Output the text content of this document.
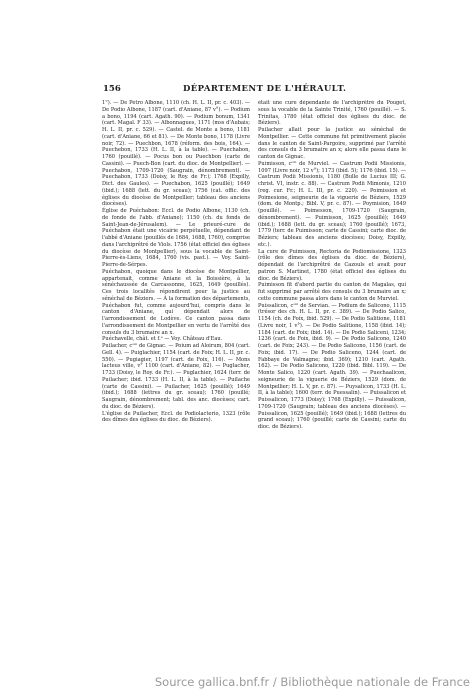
156	DÉPARTEMENT DE L'HÉRAULT.

1°). — De Petro Albone, 1110 (ch. H. L. II, pr. c. 403). — De Podio Albone, 1187 (cart. d'Aniane, 87 v°). — Podium a bono, 1194 (cart. Agath. 90). — Podium bonum, 1341 (cart. Magal. F 33). — Albonnagues, 1171 (mss d'Aubais; H. L. II, pr. c. 529). — Castel. de Monte a bono, 1181 (cart. d'Aniane, 66 et 81). — De Monte bono, 1178 (Livre noir, 72). — Puechbon, 1678 (réform. des bois, 164). — Puechebon, 1733 (H. L. II, à la table). — Puechabon, 1760 (pouillé). — Pocus bon ou Puechbon (carte de Cassini). — Puech-Bon (cart. du dioc. de Montpellier). — Puechabon, 1709-1720 (Saugrain, dénombrement). — Puechabon, 1733 (Doisy, le Roy. de Fr.); 1768 (Expilly, Dict. des Gaules). — Puechabon, 1625 (pouillé); 1649 (ibid.); 1688 (lett. du gr. sceau); 1756 (cat. offic. des églises du diocèse de Montpellier; tableau des anciens diocèses).

Église de Puéchabon: Eccl. de Podio Albone, 1130 (ch. de fonde de l'abb. d'Aniane); 1150 (ch. du fonds de Saint-Jean-de-Jérusalem). — Le prieuré-cure de Puéchabon était une vicairie perpétuelle, dépendant de l'abbé d'Aniane (pouillés de 1684, 1688, 1760), comprise dans l'archiprêtré de Viols. 1756 (état officiel des églises du diocèse de Montpellier), sous la vocable de Saint-Pierre-ès-Liens, 1684, 1760 (vis. past.). — Voy. Saint-Pierre-de-Sérpes.

Puéchabon, quoique dans le diocèse de Montpellier, appartenait, comme Aniane et la Boissière, à la sénéchaussée de Carcassonne, 1625, 1649 (pouillés). Ces trois localités répondirent pour la justice au sénéchal de Béziers. — À la formation des départements, Puéchabon fut, comme aujourd'hui, compris dans le canton d'Aniane, qui dépendait alors de l'arrondissement de Lodève. Ce canton passa dans l'arrondissement de Montpellier en vertu de l'arrêté des consuls du 3 brumaire an x.

Puéchavelle, chât. et f.ᵉ — Voy. Château d'Eau.

Puilacher, cᵒᵐ de Gignac. — Poium ad Aloirum, 804 (cart. Gell. 4). — Puiglachier, 1154 (cart. de Foix; H. L. II, pr. c. 550). — Pugiagier, 1197 (cart. de Foix, 116). — Mons lacteus ville, v° 1100 (cart. d'Aniane, 82). — Puglacher, 1733 (Doisy, le Roy. de Fr.). — Puglachier, 1624 (terr. de Puilacher; ibid. 1733 (H. L. II, à la table). — Puilache (carte de Cassini). — Puilacher, 1625 (pouillé); 1649 (ibid.); 1688 (lettres du gr. sceau); 1760 (pouillé; Saugrain, dénombrement; tabl. des anc. diocèses; cart. du dioc. de Béziers).

L'église de Puilacher, Eccl. de Podiolacterio, 1323 (rôle des dîmes des églises du dioc. de Béziers).

était une cure dépendante de l'archiprêtré du Pouget, sous la vocable de la Sainte Trinité, 1760 (pouillé). — S. Trinitas, 1780 (état officiel des églises du dioc. de Béziers).

Puilacher allait pour la justice au sénéchal de Montpellier. — Cette commune fut primitivement placée dans le canton de Saint-Pargoire, supprimé par l'arrêté des consuls du 3 brumaire an x; alors elle passa dans le canton de Gignac.

Puimisson, cᵒᵐ de Murviel. — Castrum Podii Missionis, 1097 (Livre noir, 12 v°); 1173 (ibid. 5); 1176 (ibid. 15). — Castrum Podii Missionis, 1180 (Bulle de Lucius III; G. christ. VI, instr. c. 88). — Castrum Podii Mimonis, 1210 (reg. cur. Fr.; H. L. III, pr. c. 220). — Poimission et Poimesione, seigneurie de la viguerie de Béziers, 1529 (dom. de Montp.; Bibl. V, pr. c. 87). — Poymision, 1649 (pouillé). — Poimesson, 1709-1720 (Saugrain, dénombrement). — Puimisson, 1625 (pouillé); 1649 (ibid.); 1688 (lett. du gr. sceau); 1760 (pouillé); 1673, 1779 (terr. de Puimisson; carte de Cassini; carte dioc. de Béziers; tableau des anciens diocèses; Doisy, Expilly, etc.).

La cure de Puimisson, Rectoria de Podiomissione, 1323 (rôle des dîmes des églises du dioc. de Béziers), dépendait de l'archiprêtré de Cazouls et avait pour patron S. Martinet, 1780 (état officiel des églises du dioc. de Béziers).

Puimisson fit d'abord partie du canton de Magalas, qui fut supprimé par arrêté des consuls du 3 brumaire an x; cette commune passa alors dans le canton de Murviel.

Puissalicon, cᵒᵐ de Servian. — Podium de Salicono, 1115 (trésor des ch. H. L. II, pr. c. 389). — De Podio Salico, 1154 (ch. de Foix, ibid. 529). — De Podio Salitione, 1181 (Livre noir, 1 v°). — De Podio Salitione, 1158 (ibid. 14); 1184 (cart. de Foix; ibid. 14). — De Podio Saliceni, 1234; 1236 (cart. de Foix, ibid. 9). — De Podio Salicono, 1240 (cart. de Foix; 243). — De Podio Salicono, 1156 (cart. de Foix; ibid. 17). — De Podio Saliceno, 1244 (cart. de Fabbaye de Valmagne; ibid. 369); 1210 (cart. Agath. 162). — De Podio Salicono, 1220 (ibid. Bibl. 119). — De Monte Salico, 1220 (cart. Agath. 39). — Puechaalicon, seigneurie de la viguerie de Béziers, 1529 (dom. de Montpellier; H. L. V, pr. c. 87). — Puysalicon, 1733 (H. L. II, à la table); 1600 (terr. de Puessalin). — Puissalicon et Puissalicon, 1773 (Doisy); 1768 (Expilly). — Puissalicon, 1709-1720 (Saugrain; tableau des anciens diocèses). — Puissalicon, 1625 (pouillé); 1649 (ibid.); 1688 (lettres du grand sceau); 1760 (pouillé; carte de Cassini; carte du dioc. de Béziers).

Source gallica.bnf.fr / Bibliothèque nationale de France
